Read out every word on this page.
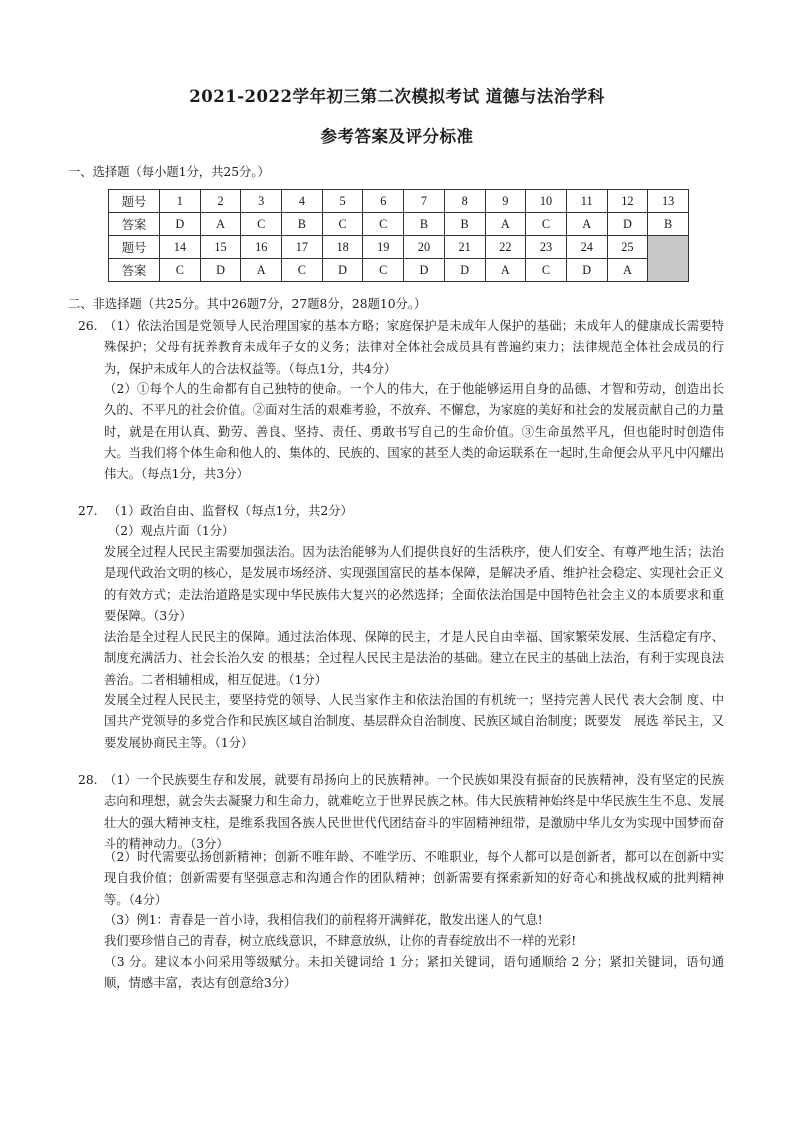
2021-2022学年初三第二次模拟考试 道德与法治学科
参考答案及评分标准
一、选择题（每小题1分，共25分。）
题号	1	2	3	4	5	6	7	8	9	10	11	12	13
答案	D	A	C	B	C	C	B	B	A	C	A	D	B
题号	14	15	16	17	18	19	20	21	22	23	24	25	
答案	C	D	A	C	D	C	D	D	A	C	D	A	
二、非选择题（共25分。其中26题7分，27题8分，28题10分。）
26. （1）依法治国是党领导人民治理国家的基本方略；家庭保护是未成年人保护的基础；未成年人的健康成长需要特殊保护；父母有抚养教育未成年子女的义务；法律对全体社会成员具有普遍约束力；法律规范全体社会成员的行为，保护未成年人的合法权益等。（每点1分，共4分）
（2）①每个人的生命都有自己独特的使命。一个人的伟大，在于他能够运用自身的品德、才智和劳动，创造出长久的、不平凡的社会价值。②面对生活的艰难考验，不放弃、不懈怠，为家庭的美好和社会的发展贡献自己的力量时，就是在用认真、勤劳、善良、坚持、责任、勇敢书写自己的生命价值。③生命虽然平凡，但也能时时创造伟大。当我们将个体生命和他人的、集体的、民族的、国家的甚至人类的命运联系在一起时,生命便会从平凡中闪耀出伟大。（每点1分，共3分）
27. （1）政治自由、监督权（每点1分，共2分）
（2）观点片面（1分）
发展全过程人民民主需要加强法治。因为法治能够为人们提供良好的生活秩序，使人们安全、有尊严地生活；法治是现代政治文明的核心，是发展市场经济、实现强国富民的基本保障，是解决矛盾、维护社会稳定、实现社会正义的有效方式；走法治道路是实现中华民族伟大复兴的必然选择；全面依法治国是中国特色社会主义的本质要求和重要保障。（3分）
法治是全过程人民民主的保障。通过法治体现、保障的民主，才是人民自由幸福、国家繁荣发展、生活稳定有序、制度充满活力、社会长治久安 的根基；全过程人民民主是法治的基础。建立在民主的基础上法治，有利于实现良法善治。二者相辅相成，相互促进。（1分）
发展全过程人民民主，要坚持党的领导、人民当家作主和依法治国的有机统一；坚持完善人民代 表大会制 度、中国共产党领导的多党合作和民族区域自治制度、基层群众自治制度、民族区域自治制度；既要发　展选 举民主，又要发展协商民主等。（1分）
28. （1）一个民族要生存和发展，就要有昂扬向上的民族精神。一个民族如果没有振奋的民族精神，没有坚定的民族志向和理想，就会失去凝聚力和生命力，就难屹立于世界民族之林。伟大民族精神始终是中华民族生生不息、发展壮大的强大精神支柱，是维系我国各族人民世世代代团结奋斗的牢固精神纽带，是激励中华儿女为实现中国梦而奋斗的精神动力。（3分）
（2）时代需要弘扬创新精神；创新不唯年龄、不唯学历、不唯职业，每个人都可以是创新者，都可以在创新中实现自我价值；创新需要有坚强意志和沟通合作的团队精神；创新需要有探索新知的好奇心和挑战权威的批判精神等。（4分）
（3）例1：青春是一首小诗，我相信我们的前程将开满鲜花，散发出迷人的气息!
我们要珍惜自己的青春，树立底线意识，不肆意放纵，让你的青春绽放出不一样的光彩!
（3 分。建议本小问采用等级赋分。未扣关键词给 1 分；紧扣关键词，语句通顺给 2 分；紧扣关键词，语句通顺，情感丰富，表达有创意给3分）
